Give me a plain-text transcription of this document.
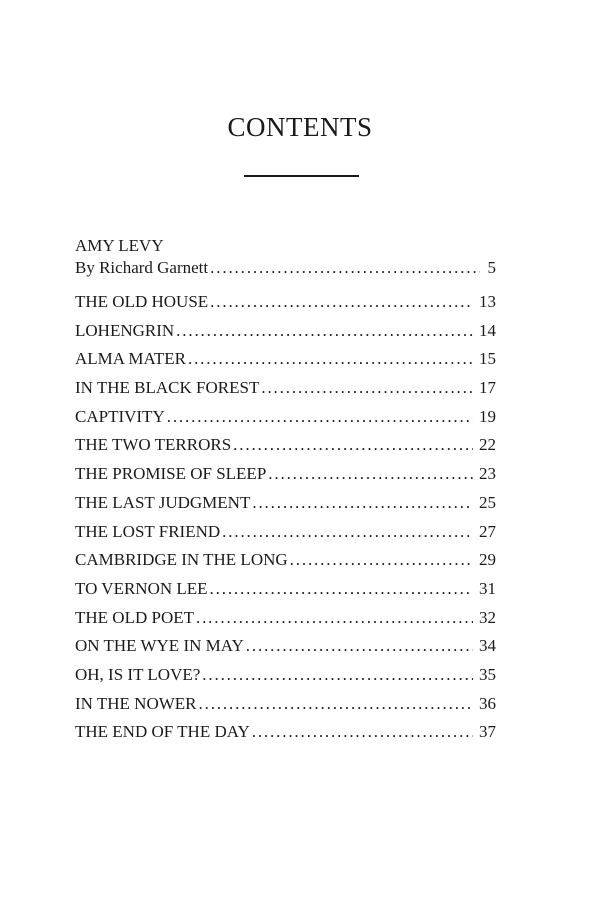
CONTENTS
AMY LEVY
By Richard Garnett . . .	5
THE OLD HOUSE . . .	13
LOHENGRIN . . .	14
ALMA MATER . . .	15
IN THE BLACK FOREST . . .	17
CAPTIVITY . . .	19
THE TWO TERRORS . . .	22
THE PROMISE OF SLEEP . . .	23
THE LAST JUDGMENT . . .	25
THE LOST FRIEND . . .	27
CAMBRIDGE IN THE LONG . . .	29
TO VERNON LEE . . .	31
THE OLD POET . . .	32
ON THE WYE IN MAY . . .	34
OH, IS IT LOVE? . . .	35
IN THE NOWER . . .	36
THE END OF THE DAY . . .	37
